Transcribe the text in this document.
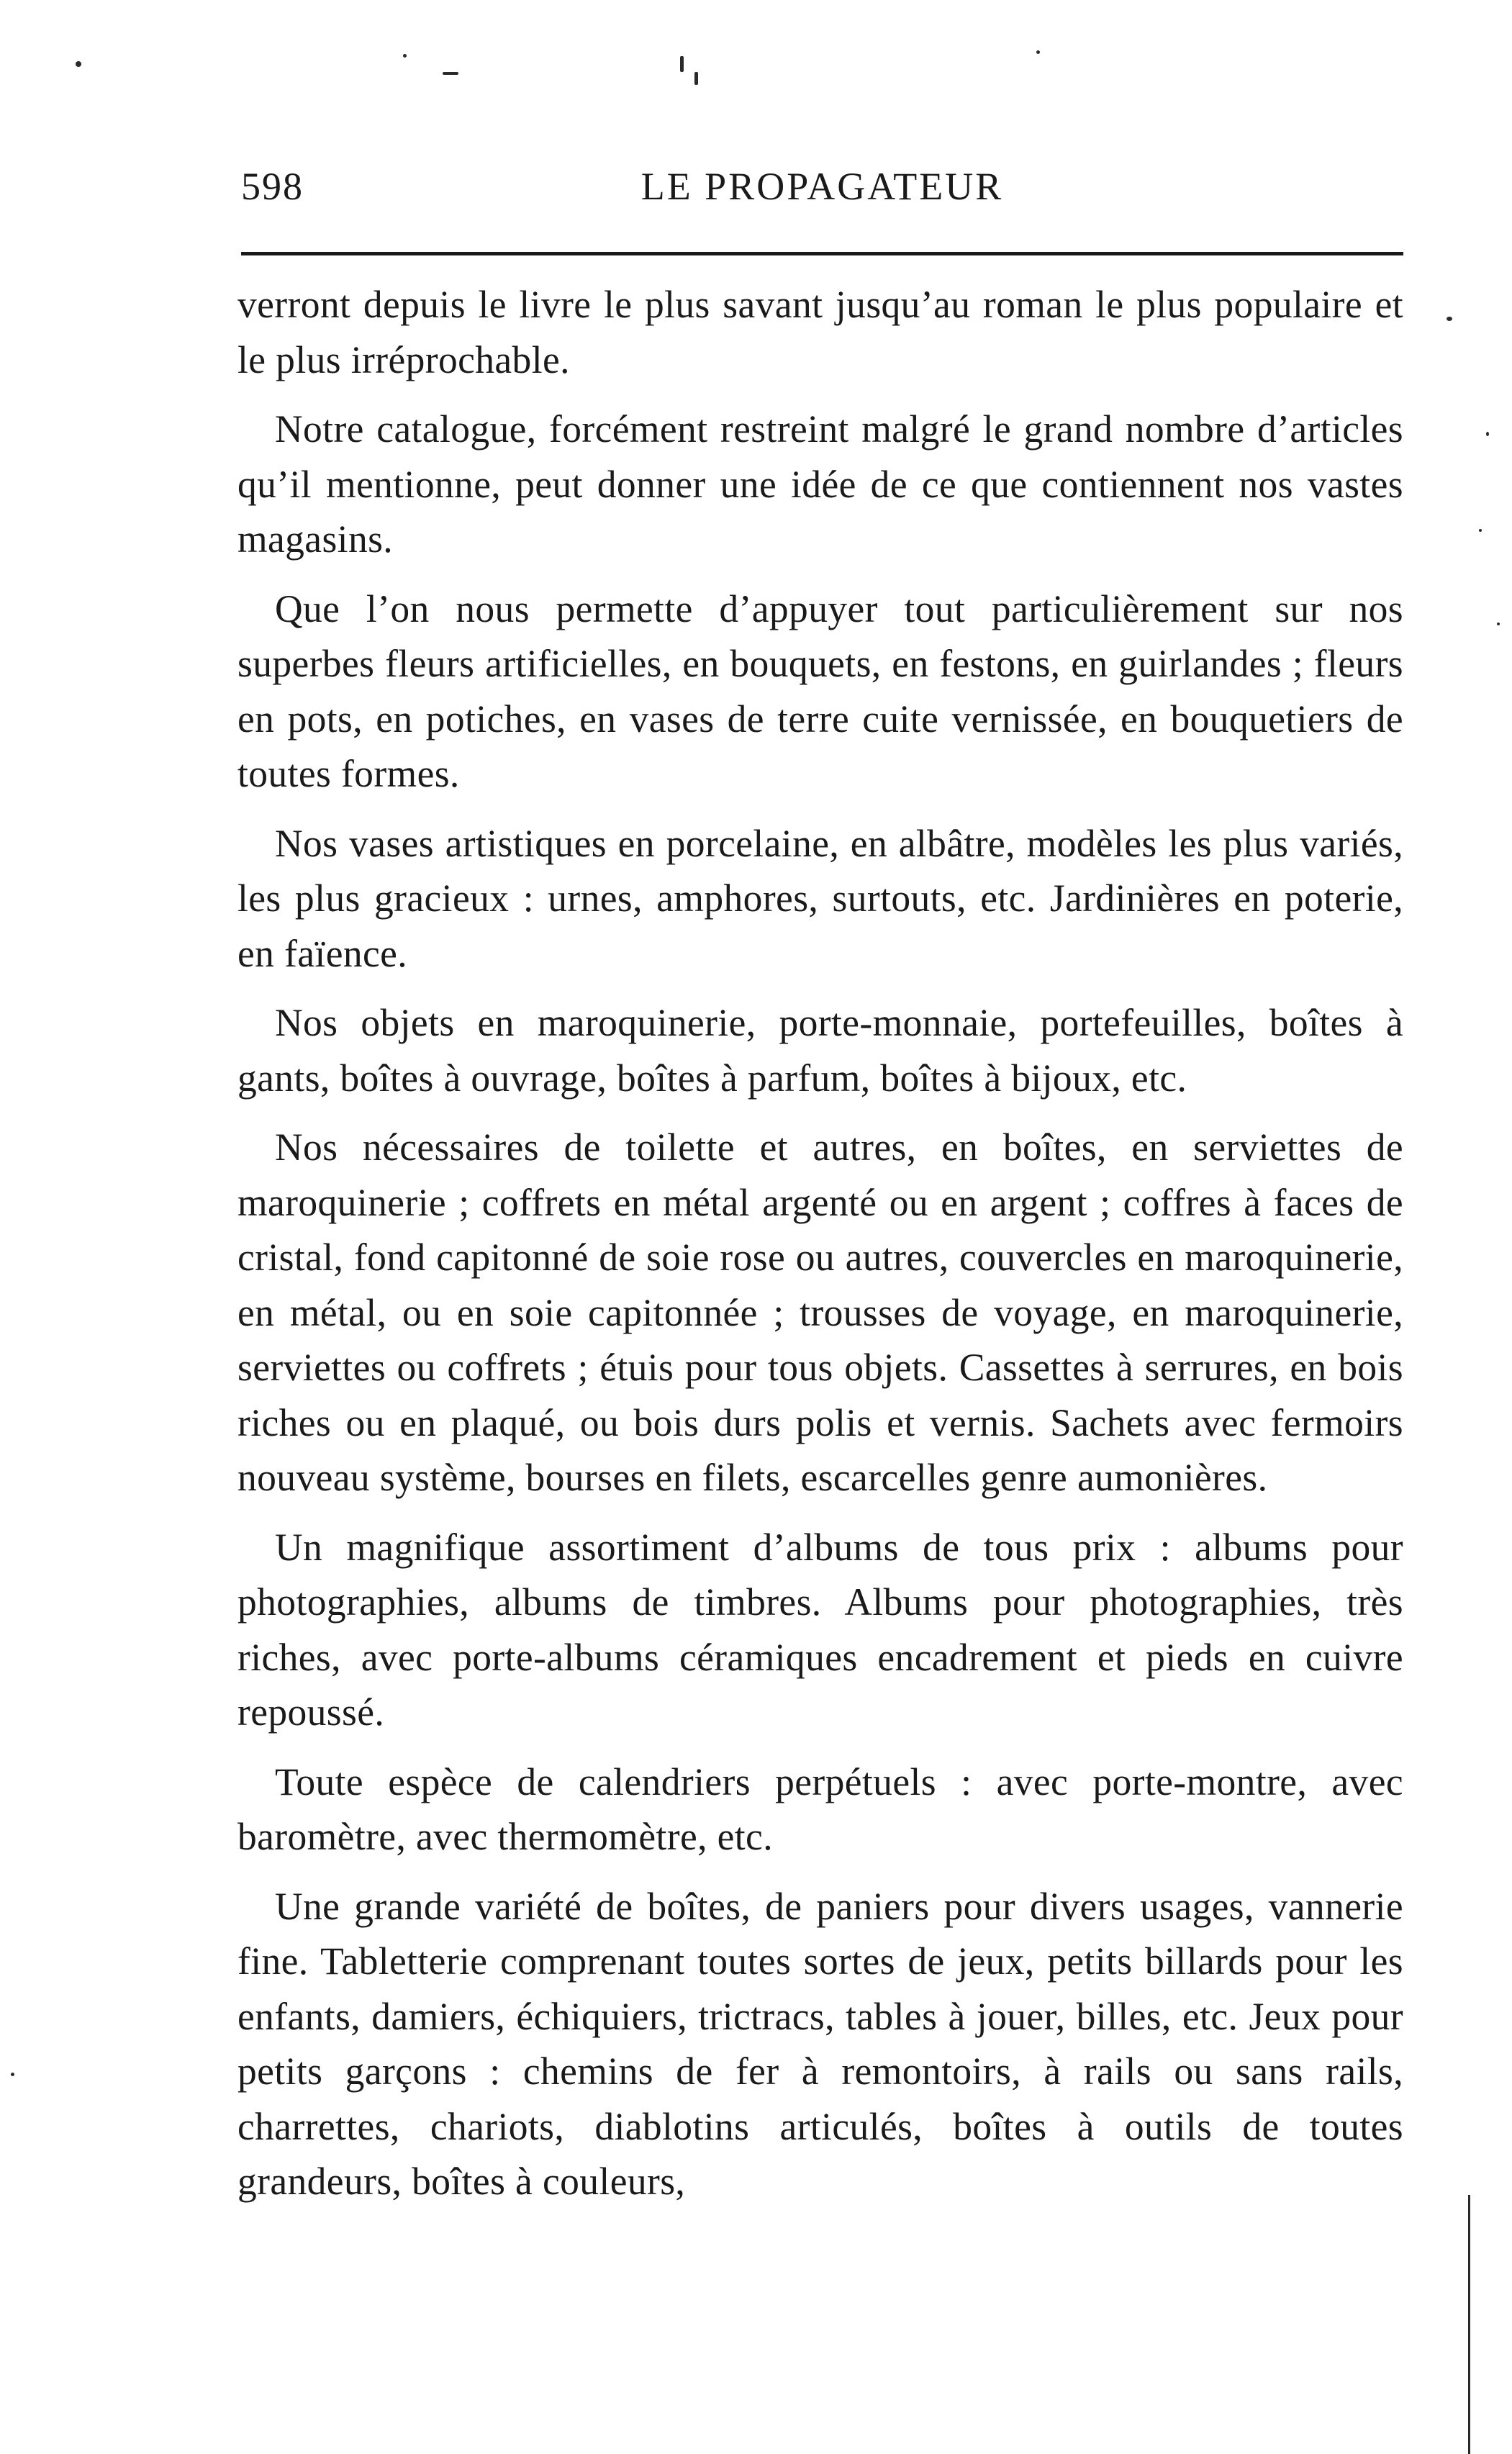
598	LE PROPAGATEUR

verront depuis le livre le plus savant jusqu’au roman le plus populaire et le plus irréprochable.

Notre catalogue, forcément restreint malgré le grand nombre d’articles qu’il mentionne, peut donner une idée de ce que contiennent nos vastes magasins.

Que l’on nous permette d’appuyer tout particulièrement sur nos superbes fleurs artificielles, en bouquets, en festons, en guirlandes ; fleurs en pots, en potiches, en vases de terre cuite vernissée, en bouquetiers de toutes formes.

Nos vases artistiques en porcelaine, en albâtre, modèles les plus variés, les plus gracieux : urnes, amphores, surtouts, etc. Jardinières en poterie, en faïence.

Nos objets en maroquinerie, porte-monnaie, portefeuilles, boîtes à gants, boîtes à ouvrage, boîtes à parfum, boîtes à bijoux, etc.

Nos nécessaires de toilette et autres, en boîtes, en serviettes de maroquinerie ; coffrets en métal argenté ou en argent ; coffres à faces de cristal, fond capitonné de soie rose ou autres, couvercles en maroquinerie, en métal, ou en soie capitonnée ; trousses de voyage, en maroquinerie, serviettes ou coffrets ; étuis pour tous objets. Cassettes à serrures, en bois riches ou en plaqué, ou bois durs polis et vernis. Sachets avec fermoirs nouveau système, bourses en filets, escarcelles genre aumonières.

Un magnifique assortiment d’albums de tous prix : albums pour photographies, albums de timbres. Albums pour photographies, très riches, avec porte-albums céramiques encadrement et pieds en cuivre repoussé.

Toute espèce de calendriers perpétuels : avec porte-montre, avec baromètre, avec thermomètre, etc.

Une grande variété de boîtes, de paniers pour divers usages, vannerie fine. Tabletterie comprenant toutes sortes de jeux, petits billards pour les enfants, damiers, échiquiers, trictracs, tables à jouer, billes, etc. Jeux pour petits garçons : chemins de fer à remontoirs, à rails ou sans rails, charrettes, chariots, diablotins articulés, boîtes à outils de toutes grandeurs, boîtes à couleurs,
